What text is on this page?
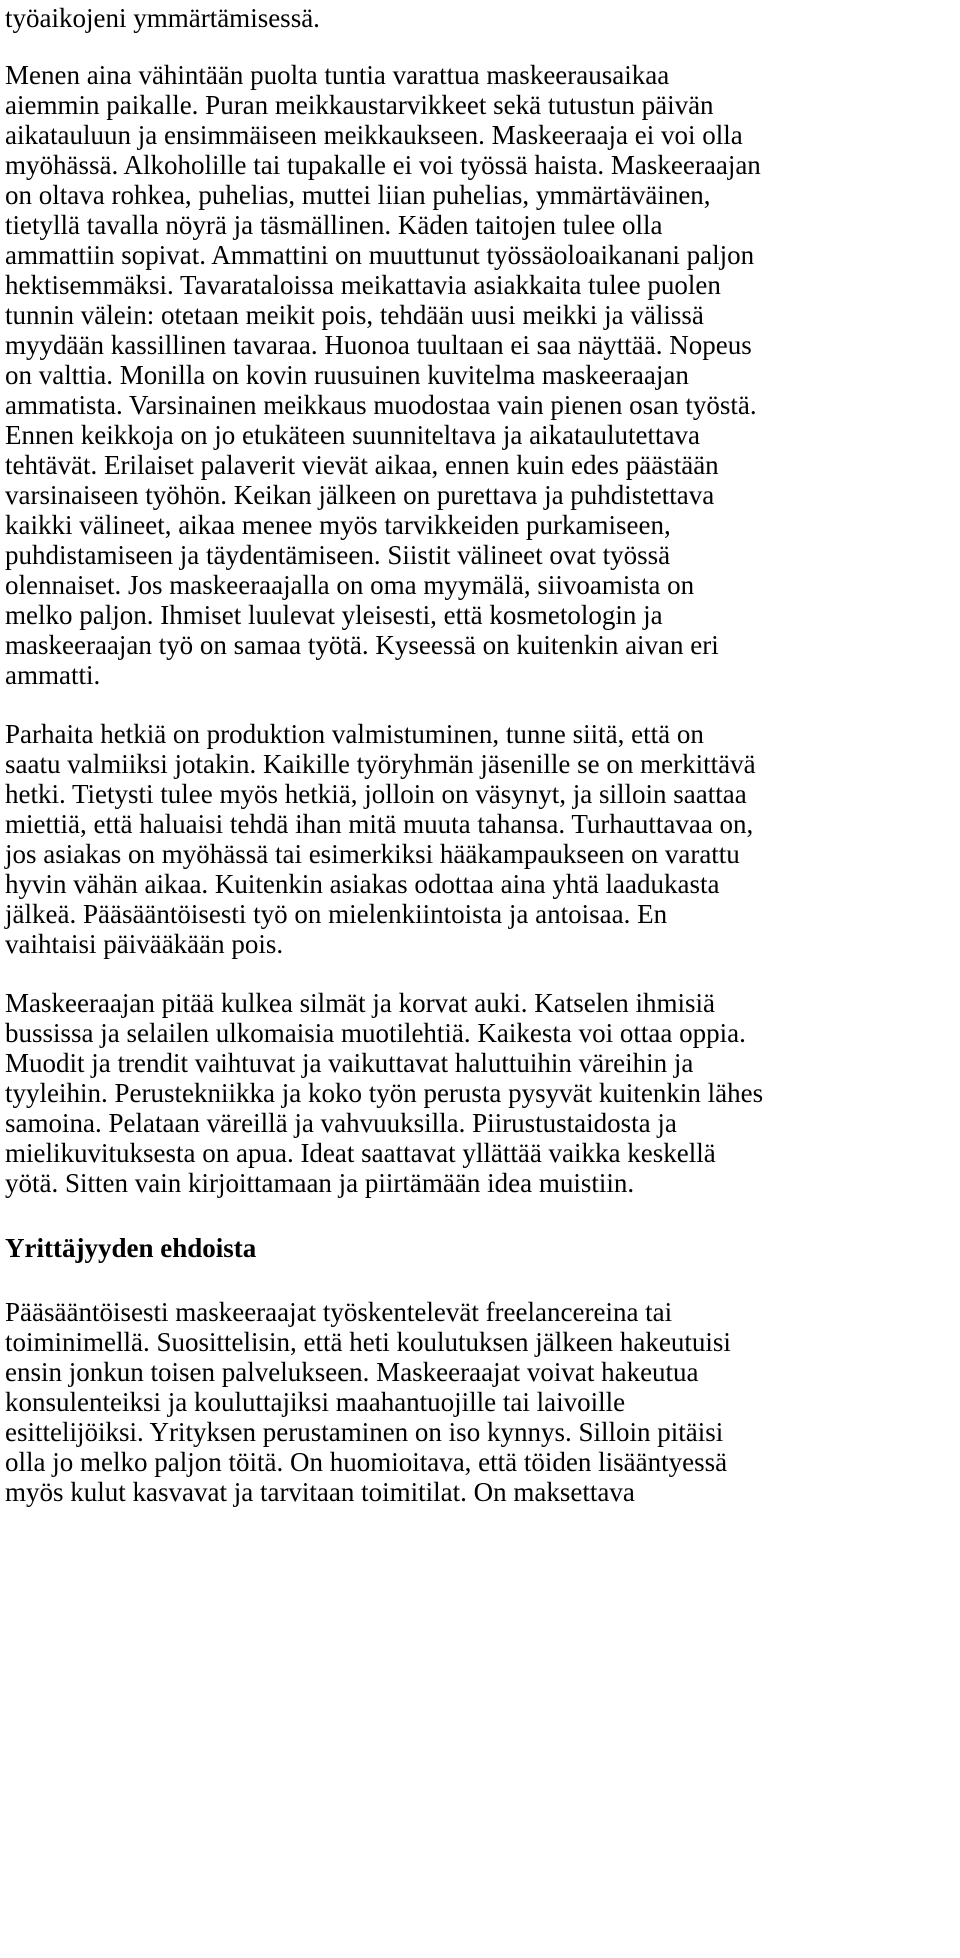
työaikojeni ymmärtämisessä.

Menen aina vähintään puolta tuntia varattua maskeerausaikaa

aiemmin paikalle. Puran meikkaustarvikkeet sekä tutustun päivän

aikatauluun ja ensimmäiseen meikkaukseen. Maskeeraaja ei voi olla

myöhässä. Alkoholille tai tupakalle ei voi työssä haista. Maskeeraajan

on oltava rohkea, puhelias, muttei liian puhelias, ymmärtäväinen,

tietyllä tavalla nöyrä ja täsmällinen. Käden taitojen tulee olla

ammattiin sopivat. Ammattini on muuttunut työssäoloaikanani paljon

hektisemmäksi. Tavarataloissa meikattavia asiakkaita tulee puolen

tunnin välein: otetaan meikit pois, tehdään uusi meikki ja välissä

myydään kassillinen tavaraa. Huonoa tuultaan ei saa näyttää. Nopeus

on valttia. Monilla on kovin ruusuinen kuvitelma maskeeraajan

ammatista. Varsinainen meikkaus muodostaa vain pienen osan työstä.

Ennen keikkoja on jo etukäteen suunniteltava ja aikataulutettava

tehtävät. Erilaiset palaverit vievät aikaa, ennen kuin edes päästään

varsinaiseen työhön. Keikan jälkeen on purettava ja puhdistettava

kaikki välineet, aikaa menee myös tarvikkeiden purkamiseen,

puhdistamiseen ja täydentämiseen. Siistit välineet ovat työssä

olennaiset. Jos maskeeraajalla on oma myymälä, siivoamista on

melko paljon. Ihmiset luulevat yleisesti, että kosmetologin ja

maskeeraajan työ on samaa työtä. Kyseessä on kuitenkin aivan eri

ammatti.

Parhaita hetkiä on produktion valmistuminen, tunne siitä, että on

saatu valmiiksi jotakin. Kaikille työryhmän jäsenille se on merkittävä

hetki. Tietysti tulee myös hetkiä, jolloin on väsynyt, ja silloin saattaa

miettiä, että haluaisi tehdä ihan mitä muuta tahansa. Turhauttavaa on,

jos asiakas on myöhässä tai esimerkiksi hääkampaukseen on varattu

hyvin vähän aikaa. Kuitenkin asiakas odottaa aina yhtä laadukasta

jälkeä. Pääsääntöisesti työ on mielenkiintoista ja antoisaa. En

vaihtaisi päivääkään pois.

Maskeeraajan pitää kulkea silmät ja korvat auki. Katselen ihmisiä

bussissa ja selailen ulkomaisia muotilehtiä. Kaikesta voi ottaa oppia.

Muodit ja trendit vaihtuvat ja vaikuttavat haluttuihin väreihin ja

tyyleihin. Perustekniikka ja koko työn perusta pysyvät kuitenkin lähes

samoina. Pelataan väreillä ja vahvuuksilla. Piirustustaidosta ja

mielikuvituksesta on apua. Ideat saattavat yllättää vaikka keskellä

yötä. Sitten vain kirjoittamaan ja piirtämään idea muistiin.

Yrittäjyyden ehdoista

Pääsääntöisesti maskeeraajat työskentelevät freelancereina tai

toiminimellä. Suosittelisin, että heti koulutuksen jälkeen hakeutuisi

ensin jonkun toisen palvelukseen. Maskeeraajat voivat hakeutua

konsulenteiksi ja kouluttajiksi maahantuojille tai laivoille

esittelijöiksi. Yrityksen perustaminen on iso kynnys. Silloin pitäisi

olla jo melko paljon töitä. On huomioitava, että töiden lisääntyessä

myös kulut kasvavat ja tarvitaan toimitilat. On maksettava
